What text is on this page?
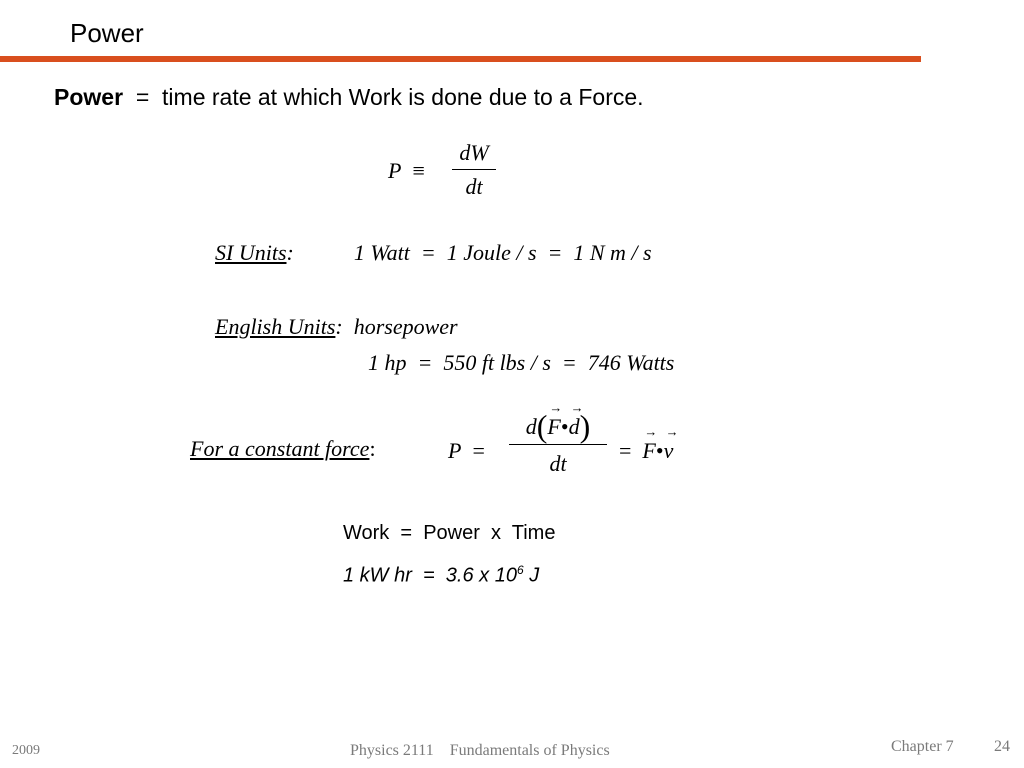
Power
Power = time rate at which Work is done due to a Force.
P ≡
dW
dt
SI Units:	1 Watt  =  1 Joule / s  =  1 N m / s
English Units: horsepower
1 hp  =  550 ft lbs / s  =  746 Watts
For a constant force:	P =
d(→ F•→ d)
dt
=  → F•→ v
Work  =  Power  x  Time
1 kW hr  =  3.6 x $10^6$ J
2009	Physics 2111    Fundamentals of Physics	Chapter 7	24
